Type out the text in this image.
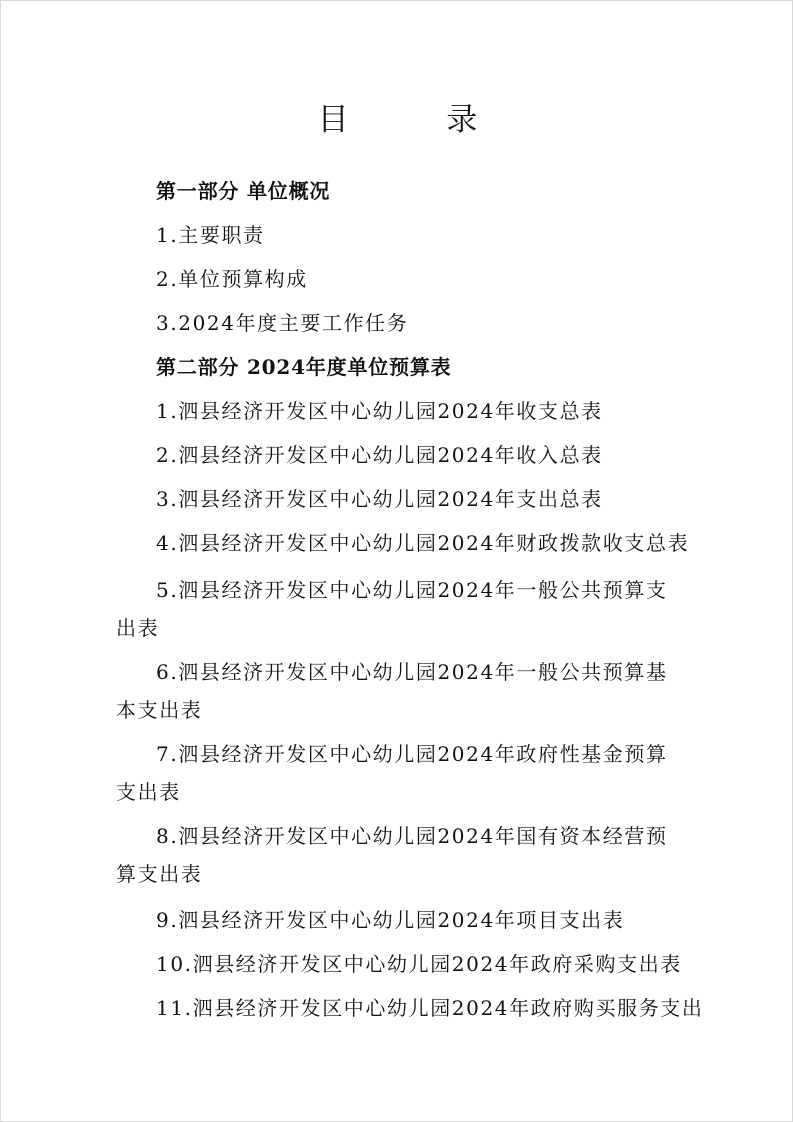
目 录
第一部分 单位概况
1.主要职责
2.单位预算构成
3.2024年度主要工作任务
第二部分 2024年度单位预算表
1.泗县经济开发区中心幼儿园2024年收支总表
2.泗县经济开发区中心幼儿园2024年收入总表
3.泗县经济开发区中心幼儿园2024年支出总表
4.泗县经济开发区中心幼儿园2024年财政拨款收支总表
5.泗县经济开发区中心幼儿园2024年一般公共预算支出表
6.泗县经济开发区中心幼儿园2024年一般公共预算基本支出表
7.泗县经济开发区中心幼儿园2024年政府性基金预算支出表
8.泗县经济开发区中心幼儿园2024年国有资本经营预算支出表
9.泗县经济开发区中心幼儿园2024年项目支出表
10.泗县经济开发区中心幼儿园2024年政府采购支出表
11.泗县经济开发区中心幼儿园2024年政府购买服务支出
